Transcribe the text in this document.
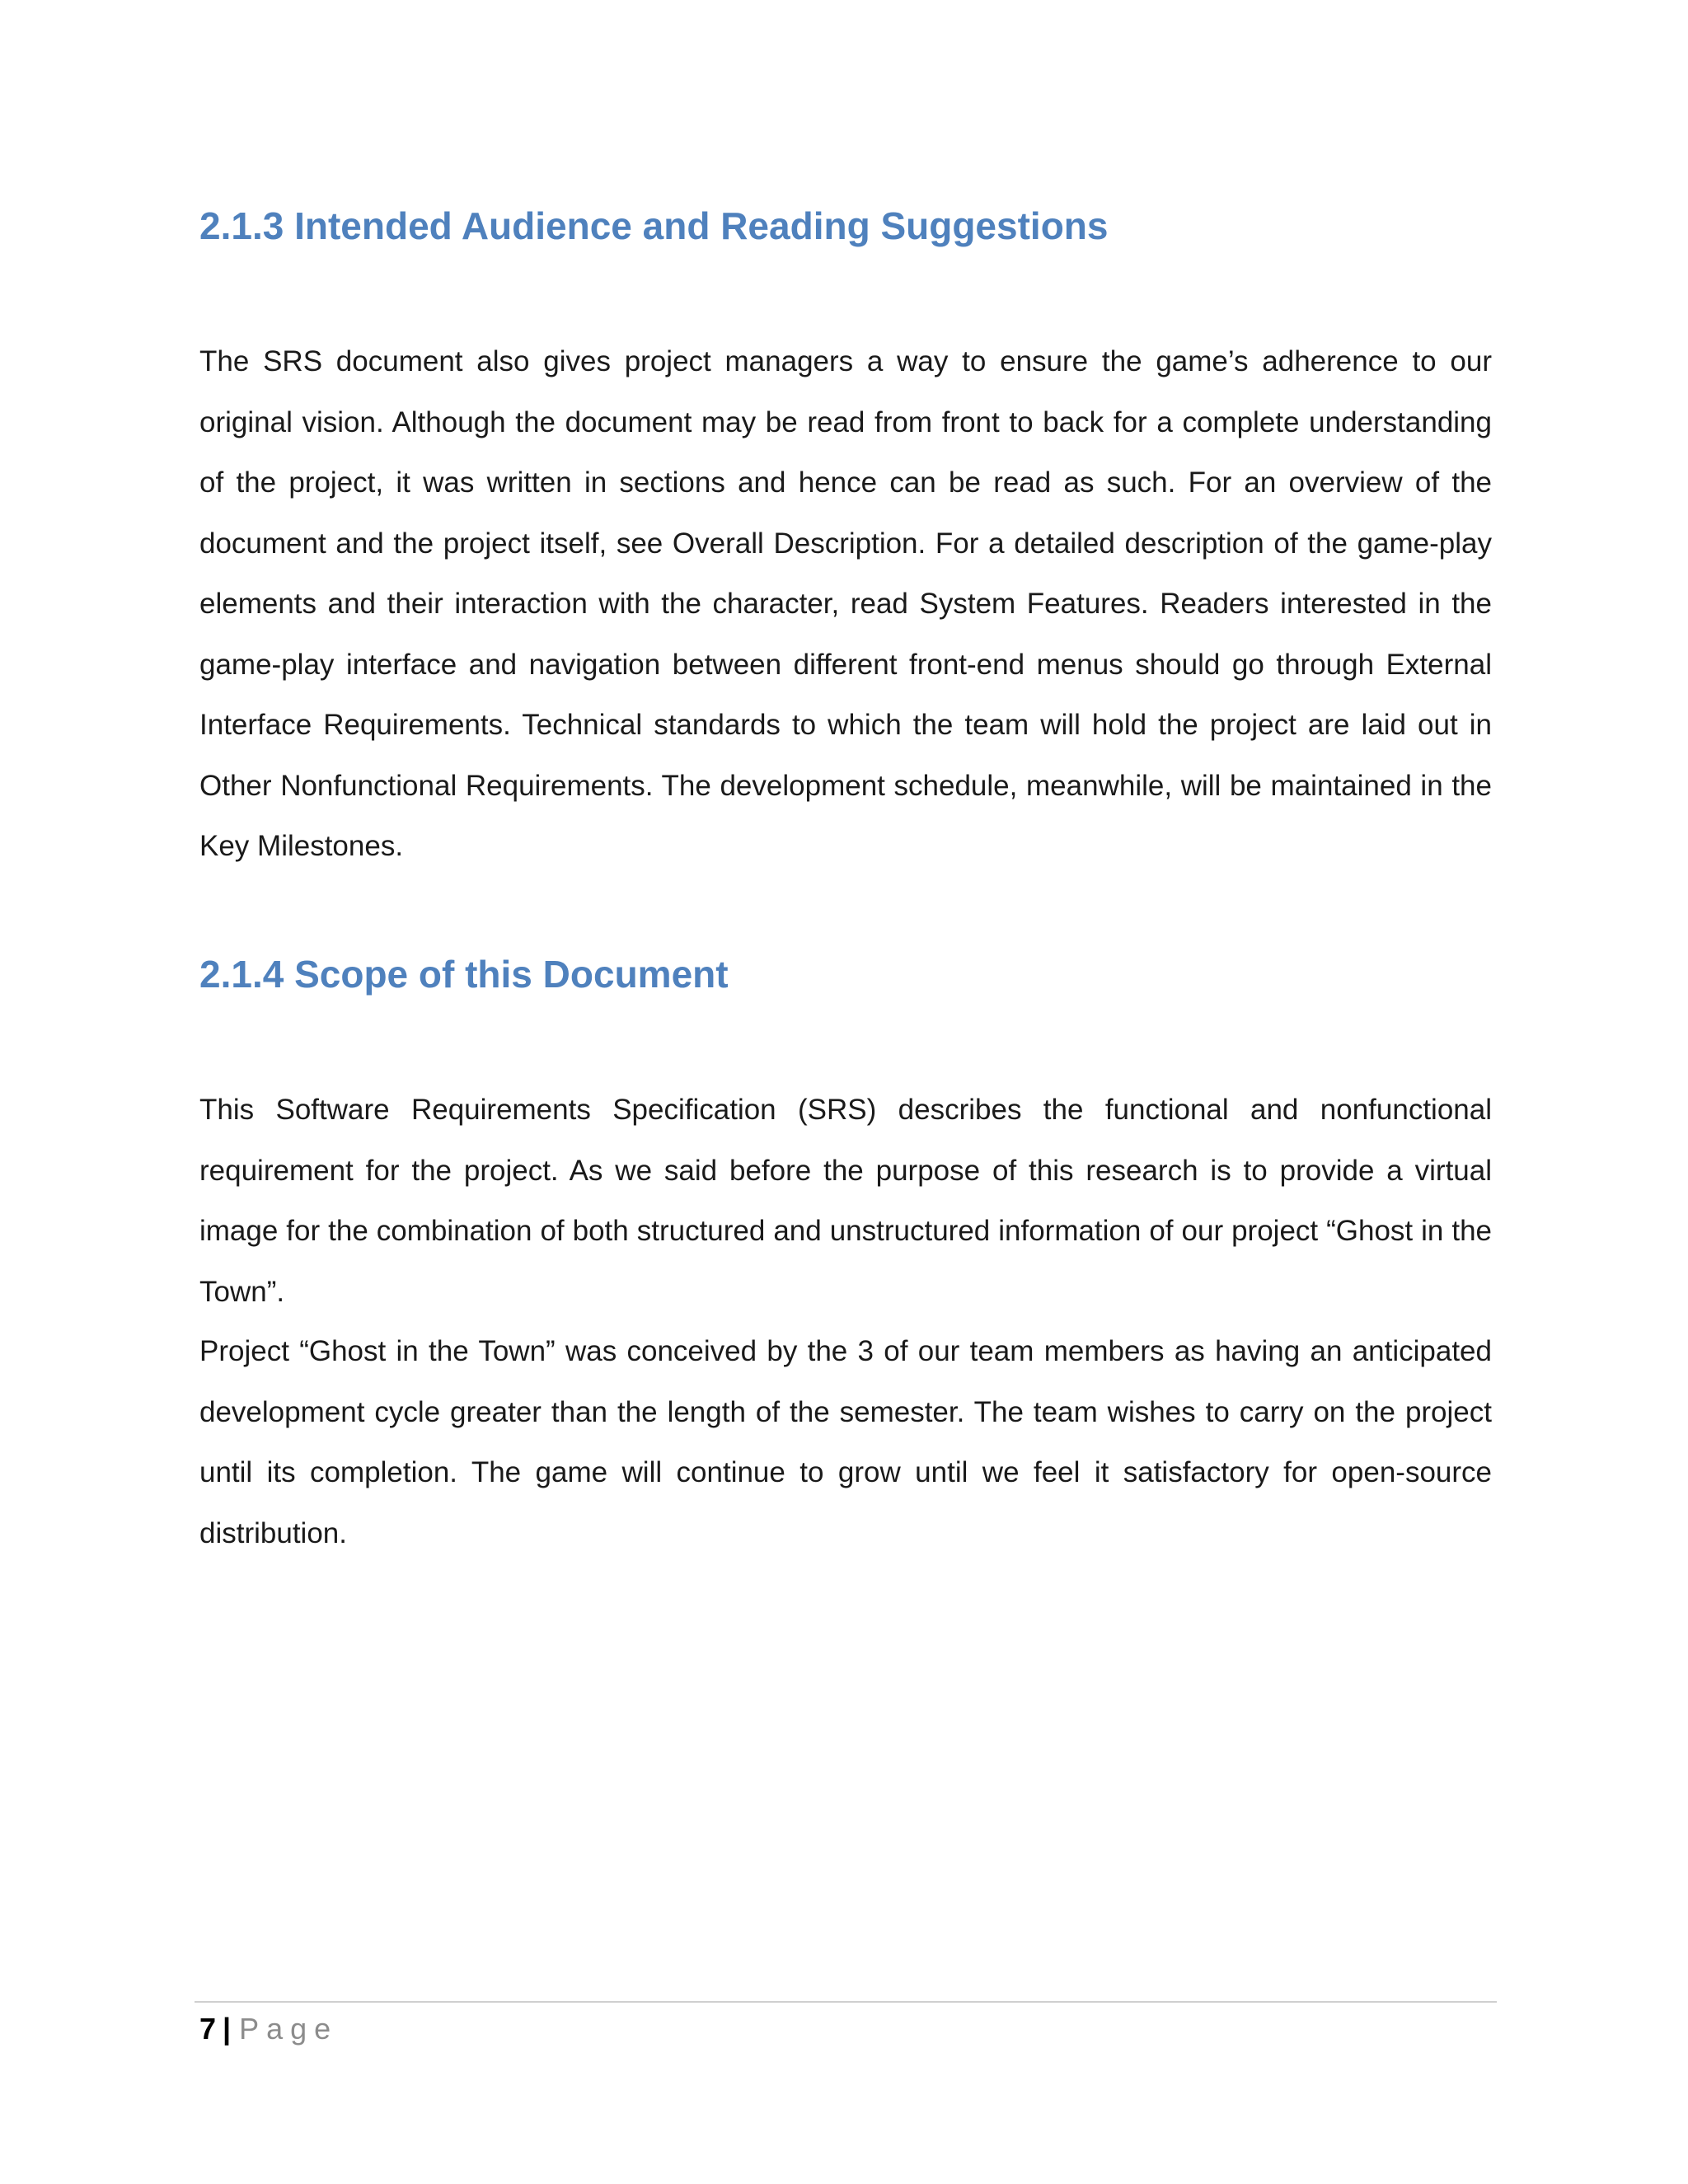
2.1.3 Intended Audience and Reading Suggestions

The SRS document also gives project managers a way to ensure the game’s adherence to our original vision. Although the document may be read from front to back for a complete understanding of the project, it was written in sections and hence can be read as such. For an overview of the document and the project itself, see Overall Description. For a detailed description of the game-play elements and their interaction with the character, read System Features. Readers interested in the game-play interface and navigation between different front-end menus should go through External Interface Requirements. Technical standards to which the team will hold the project are laid out in Other Nonfunctional Requirements. The development schedule, meanwhile, will be maintained in the Key Milestones.

2.1.4 Scope of this Document

This Software Requirements Specification (SRS) describes the functional and nonfunctional requirement for the project. As we said before the purpose of this research is to provide a virtual image for the combination of both structured and unstructured information of our project “Ghost in the Town”.

Project “Ghost in the Town” was conceived by the 3 of our team members as having an anticipated development cycle greater than the length of the semester. The team wishes to carry on the project until its completion. The game will continue to grow until we feel it satisfactory for open-source distribution.

7 | Page
